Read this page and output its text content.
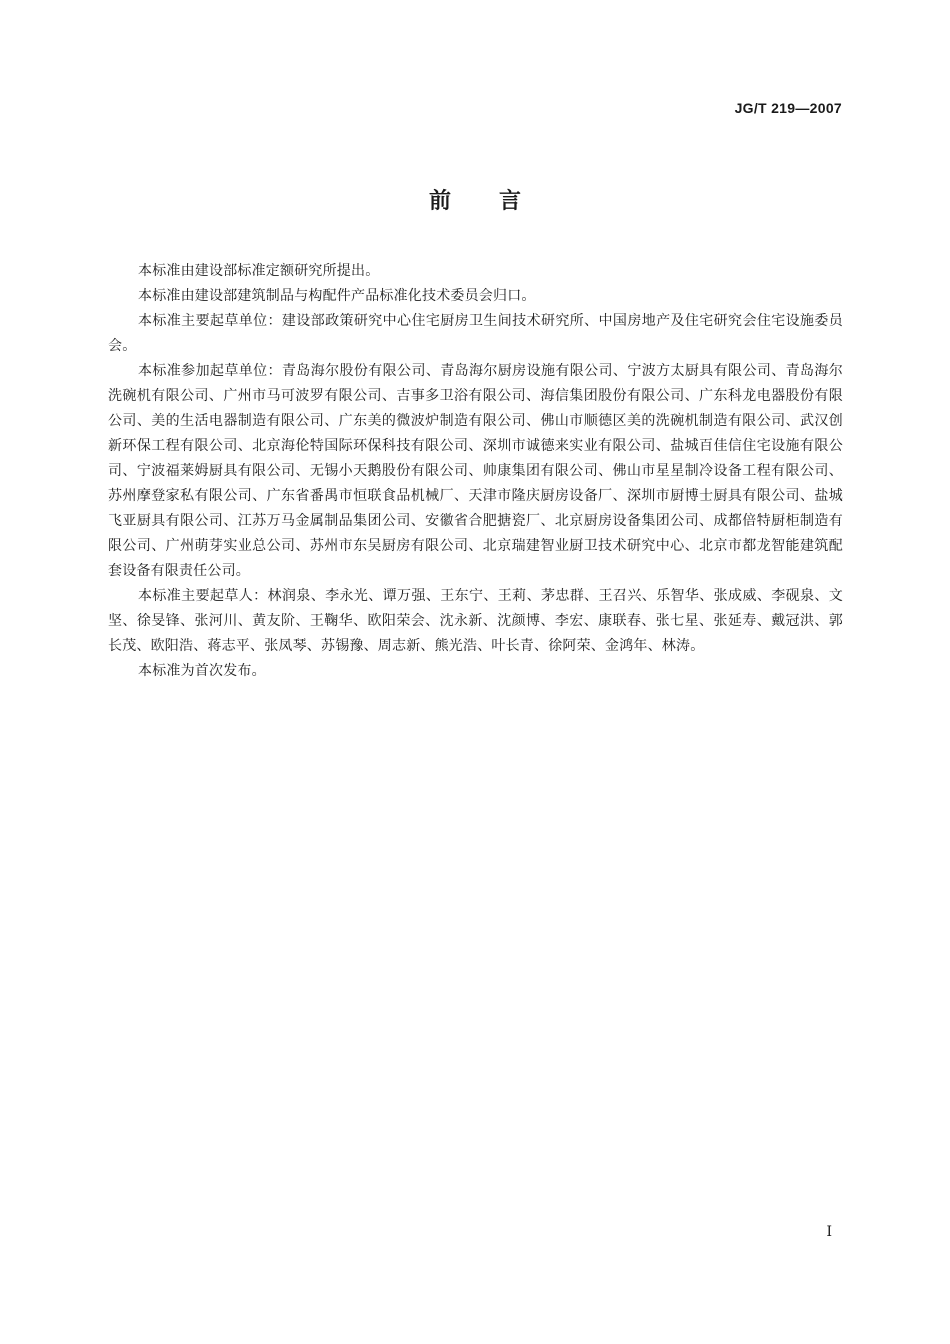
JG/T 219—2007
前言

本标准由建设部标准定额研究所提出。

本标准由建设部建筑制品与构配件产品标准化技术委员会归口。

本标准主要起草单位：建设部政策研究中心住宅厨房卫生间技术研究所、中国房地产及住宅研究会住宅设施委员会。

本标准参加起草单位：青岛海尔股份有限公司、青岛海尔厨房设施有限公司、宁波方太厨具有限公司、青岛海尔洗碗机有限公司、广州市马可波罗有限公司、吉事多卫浴有限公司、海信集团股份有限公司、广东科龙电器股份有限公司、美的生活电器制造有限公司、广东美的微波炉制造有限公司、佛山市顺德区美的洗碗机制造有限公司、武汉创新环保工程有限公司、北京海伦特国际环保科技有限公司、深圳市诚德来实业有限公司、盐城百佳信住宅设施有限公司、宁波福莱姆厨具有限公司、无锡小天鹅股份有限公司、帅康集团有限公司、佛山市星星制冷设备工程有限公司、苏州摩登家私有限公司、广东省番禺市恒联食品机械厂、天津市隆庆厨房设备厂、深圳市厨博士厨具有限公司、盐城飞亚厨具有限公司、江苏万马金属制品集团公司、安徽省合肥搪瓷厂、北京厨房设备集团公司、成都倍特厨柜制造有限公司、广州萌芽实业总公司、苏州市东吴厨房有限公司、北京瑞建智业厨卫技术研究中心、北京市都龙智能建筑配套设备有限责任公司。

本标准主要起草人：林润泉、李永光、谭万强、王东宁、王莉、茅忠群、王召兴、乐智华、张成威、李砚泉、文坚、徐旻锋、张河川、黄友阶、王鞠华、欧阳荣会、沈永新、沈颜博、李宏、康联春、张七星、张延寿、戴冠洪、郭长茂、欧阳浩、蒋志平、张凤琴、苏锡豫、周志新、熊光浩、叶长青、徐阿荣、金鸿年、林涛。

本标准为首次发布。

I
